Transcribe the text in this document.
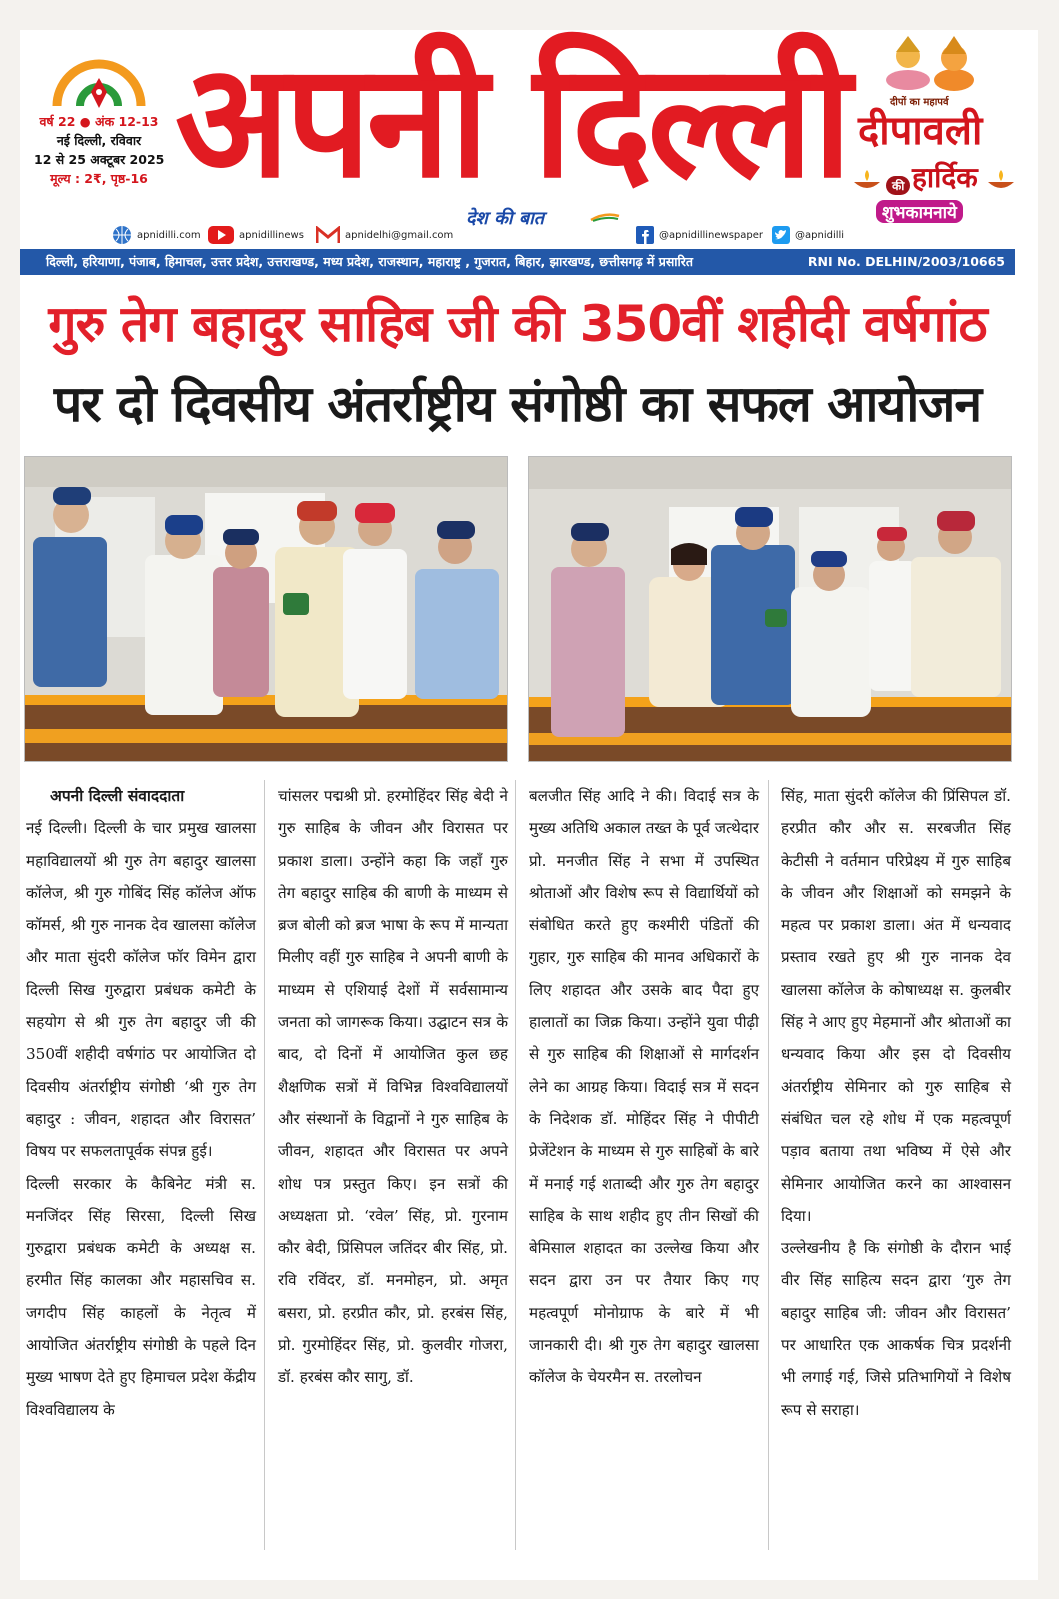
वर्ष 22 ● अंक 12-13
नई दिल्ली, रविवार
12 से 25 अक्टूबर 2025
मूल्य : 2₹, पृष्ठ-16 अपनी दिल्ली
देश की बात
दीपों का महापर्व
दीपावली
की हार्दिक
शुभकामनाये
apnidilli.com	apnidillinews	apnidelhi@gmail.com	@apnidillinewspaper	@apnidilli
दिल्ली, हरियाणा, पंजाब, हिमाचल, उत्तर प्रदेश, उत्तराखण्ड, मध्य प्रदेश, राजस्थान, महाराष्ट्र , गुजरात, बिहार, झारखण्ड, छत्तीसगढ़ में प्रसारित	RNI No. DELHIN/2003/10665
गुरु तेग बहादुर साहिब जी की 350वीं शहीदी वर्षगांठ
पर दो दिवसीय अंतर्राष्ट्रीय संगोष्ठी का सफल आयोजन

अपनी दिल्ली संवाददाता

नई दिल्ली। दिल्ली के चार प्रमुख खालसा महाविद्यालयों श्री गुरु तेग बहादुर खालसा कॉलेज, श्री गुरु गोबिंद सिंह कॉलेज ऑफ कॉमर्स, श्री गुरु नानक देव खालसा कॉलेज और माता सुंदरी कॉलेज फॉर विमेन द्वारा दिल्ली सिख गुरुद्वारा प्रबंधक कमेटी के सहयोग से श्री गुरु तेग बहादुर जी की 350वीं शहीदी वर्षगांठ पर आयोजित दो दिवसीय अंतर्राष्ट्रीय संगोष्ठी ‘श्री गुरु तेग बहादुर : जीवन, शहादत और विरासत’ विषय पर सफलतापूर्वक संपन्न हुई।

दिल्ली सरकार के कैबिनेट मंत्री स. मनजिंदर सिंह सिरसा, दिल्ली सिख गुरुद्वारा प्रबंधक कमेटी के अध्यक्ष स. हरमीत सिंह कालका और महासचिव स. जगदीप सिंह काहलों के नेतृत्व में आयोजित अंतर्राष्ट्रीय संगोष्ठी के पहले दिन मुख्य भाषण देते हुए हिमाचल प्रदेश केंद्रीय विश्वविद्यालय के

चांसलर पद्मश्री प्रो. हरमोहिंदर सिंह बेदी ने गुरु साहिब के जीवन और विरासत पर प्रकाश डाला। उन्होंने कहा कि जहाँ गुरु तेग बहादुर साहिब की बाणी के माध्यम से ब्रज बोली को ब्रज भाषा के रूप में मान्यता मिलीए वहीं गुरु साहिब ने अपनी बाणी के माध्यम से एशियाई देशों में सर्वसामान्य जनता को जागरूक किया। उद्घाटन सत्र के बाद, दो दिनों में आयोजित कुल छह शैक्षणिक सत्रों में विभिन्न विश्वविद्यालयों और संस्थानों के विद्वानों ने गुरु साहिब के जीवन, शहादत और विरासत पर अपने शोध पत्र प्रस्तुत किए। इन सत्रों की अध्यक्षता प्रो. ‘रवेल’ सिंह, प्रो. गुरनाम कौर बेदी, प्रिंसिपल जतिंदर बीर सिंह, प्रो. रवि रविंदर, डॉ. मनमोहन, प्रो. अमृत बसरा, प्रो. हरप्रीत कौर, प्रो. हरबंस सिंह, प्रो. गुरमोहिंदर सिंह, प्रो. कुलवीर गोजरा, डॉ. हरबंस कौर सागु, डॉ.

बलजीत सिंह आदि ने की। विदाई सत्र के मुख्य अतिथि अकाल तख्त के पूर्व जत्थेदार प्रो. मनजीत सिंह ने सभा में उपस्थित श्रोताओं और विशेष रूप से विद्यार्थियों को संबोधित करते हुए कश्मीरी पंडितों की गुहार, गुरु साहिब की मानव अधिकारों के लिए शहादत और उसके बाद पैदा हुए हालातों का जिक्र किया। उन्होंने युवा पीढ़ी से गुरु साहिब की शिक्षाओं से मार्गदर्शन लेने का आग्रह किया। विदाई सत्र में सदन के निदेशक डॉ. मोहिंदर सिंह ने पीपीटी प्रेजेंटेशन के माध्यम से गुरु साहिबों के बारे में मनाई गई शताब्दी और गुरु तेग बहादुर साहिब के साथ शहीद हुए तीन सिखों की बेमिसाल शहादत का उल्लेख किया और सदन द्वारा उन पर तैयार किए गए महत्वपूर्ण मोनोग्राफ के बारे में भी जानकारी दी। श्री गुरु तेग बहादुर खालसा कॉलेज के चेयरमैन स. तरलोचन

सिंह, माता सुंदरी कॉलेज की प्रिंसिपल डॉ. हरप्रीत कौर और स. सरबजीत सिंह केटीसी ने वर्तमान परिप्रेक्ष्य में गुरु साहिब के जीवन और शिक्षाओं को समझने के महत्व पर प्रकाश डाला। अंत में धन्यवाद प्रस्ताव रखते हुए श्री गुरु नानक देव खालसा कॉलेज के कोषाध्यक्ष स. कुलबीर सिंह ने आए हुए मेहमानों और श्रोताओं का धन्यवाद किया और इस दो दिवसीय अंतर्राष्ट्रीय सेमिनार को गुरु साहिब से संबंधित चल रहे शोध में एक महत्वपूर्ण पड़ाव बताया तथा भविष्य में ऐसे और सेमिनार आयोजित करने का आश्वासन दिया।

उल्लेखनीय है कि संगोष्ठी के दौरान भाई वीर सिंह साहित्य सदन द्वारा ‘गुरु तेग बहादुर साहिब जी: जीवन और विरासत’ पर आधारित एक आकर्षक चित्र प्रदर्शनी भी लगाई गई, जिसे प्रतिभागियों ने विशेष रूप से सराहा।
